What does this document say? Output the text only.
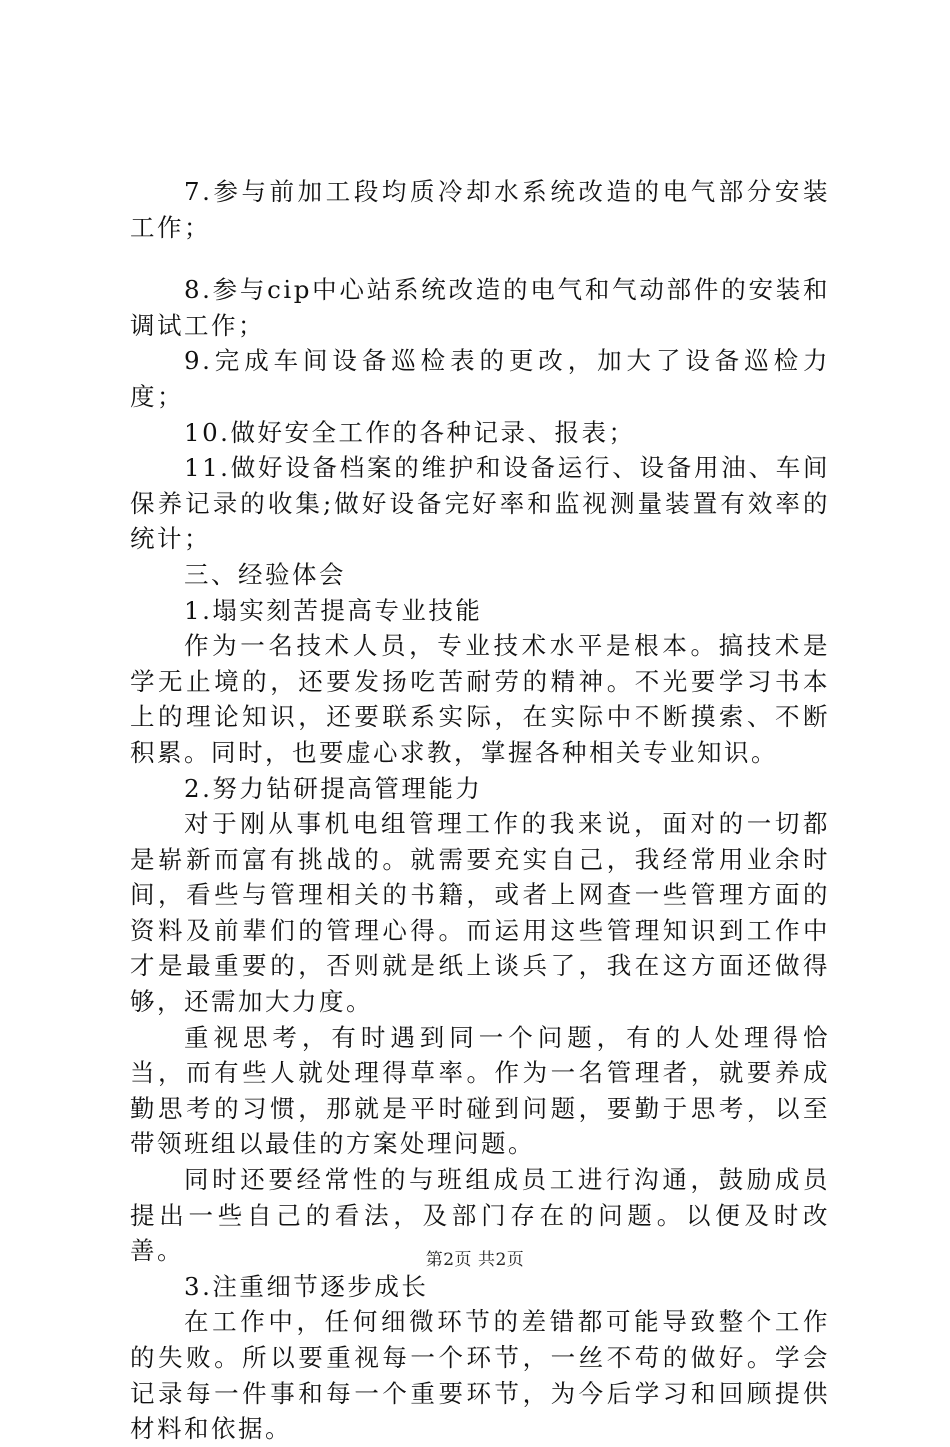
7.参与前加工段均质冷却水系统改造的电气部分安装工作；

8.参与cip中心站系统改造的电气和气动部件的安装和调试工作；

9.完成车间设备巡检表的更改，加大了设备巡检力度；

10.做好安全工作的各种记录、报表；

11.做好设备档案的维护和设备运行、设备用油、车间保养记录的收集;做好设备完好率和监视测量装置有效率的统计；

三、经验体会

1.塌实刻苦提高专业技能

作为一名技术人员，专业技术水平是根本。搞技术是学无止境的，还要发扬吃苦耐劳的精神。不光要学习书本上的理论知识，还要联系实际，在实际中不断摸索、不断积累。同时，也要虚心求教，掌握各种相关专业知识。

2.努力钻研提高管理能力

对于刚从事机电组管理工作的我来说，面对的一切都是崭新而富有挑战的。就需要充实自己，我经常用业余时间，看些与管理相关的书籍，或者上网查一些管理方面的资料及前辈们的管理心得。而运用这些管理知识到工作中才是最重要的，否则就是纸上谈兵了，我在这方面还做得够，还需加大力度。

重视思考，有时遇到同一个问题，有的人处理得恰当，而有些人就处理得草率。作为一名管理者，就要养成勤思考的习惯，那就是平时碰到问题，要勤于思考，以至带领班组以最佳的方案处理问题。

同时还要经常性的与班组成员工进行沟通，鼓励成员提出一些自己的看法，及部门存在的问题。以便及时改善。

3.注重细节逐步成长

在工作中，任何细微环节的差错都可能导致整个工作的失败。所以要重视每一个环节，一丝不苟的做好。学会记录每一件事和每一个重要环节，为今后学习和回顾提供材料和依据。

第2页 共2页
